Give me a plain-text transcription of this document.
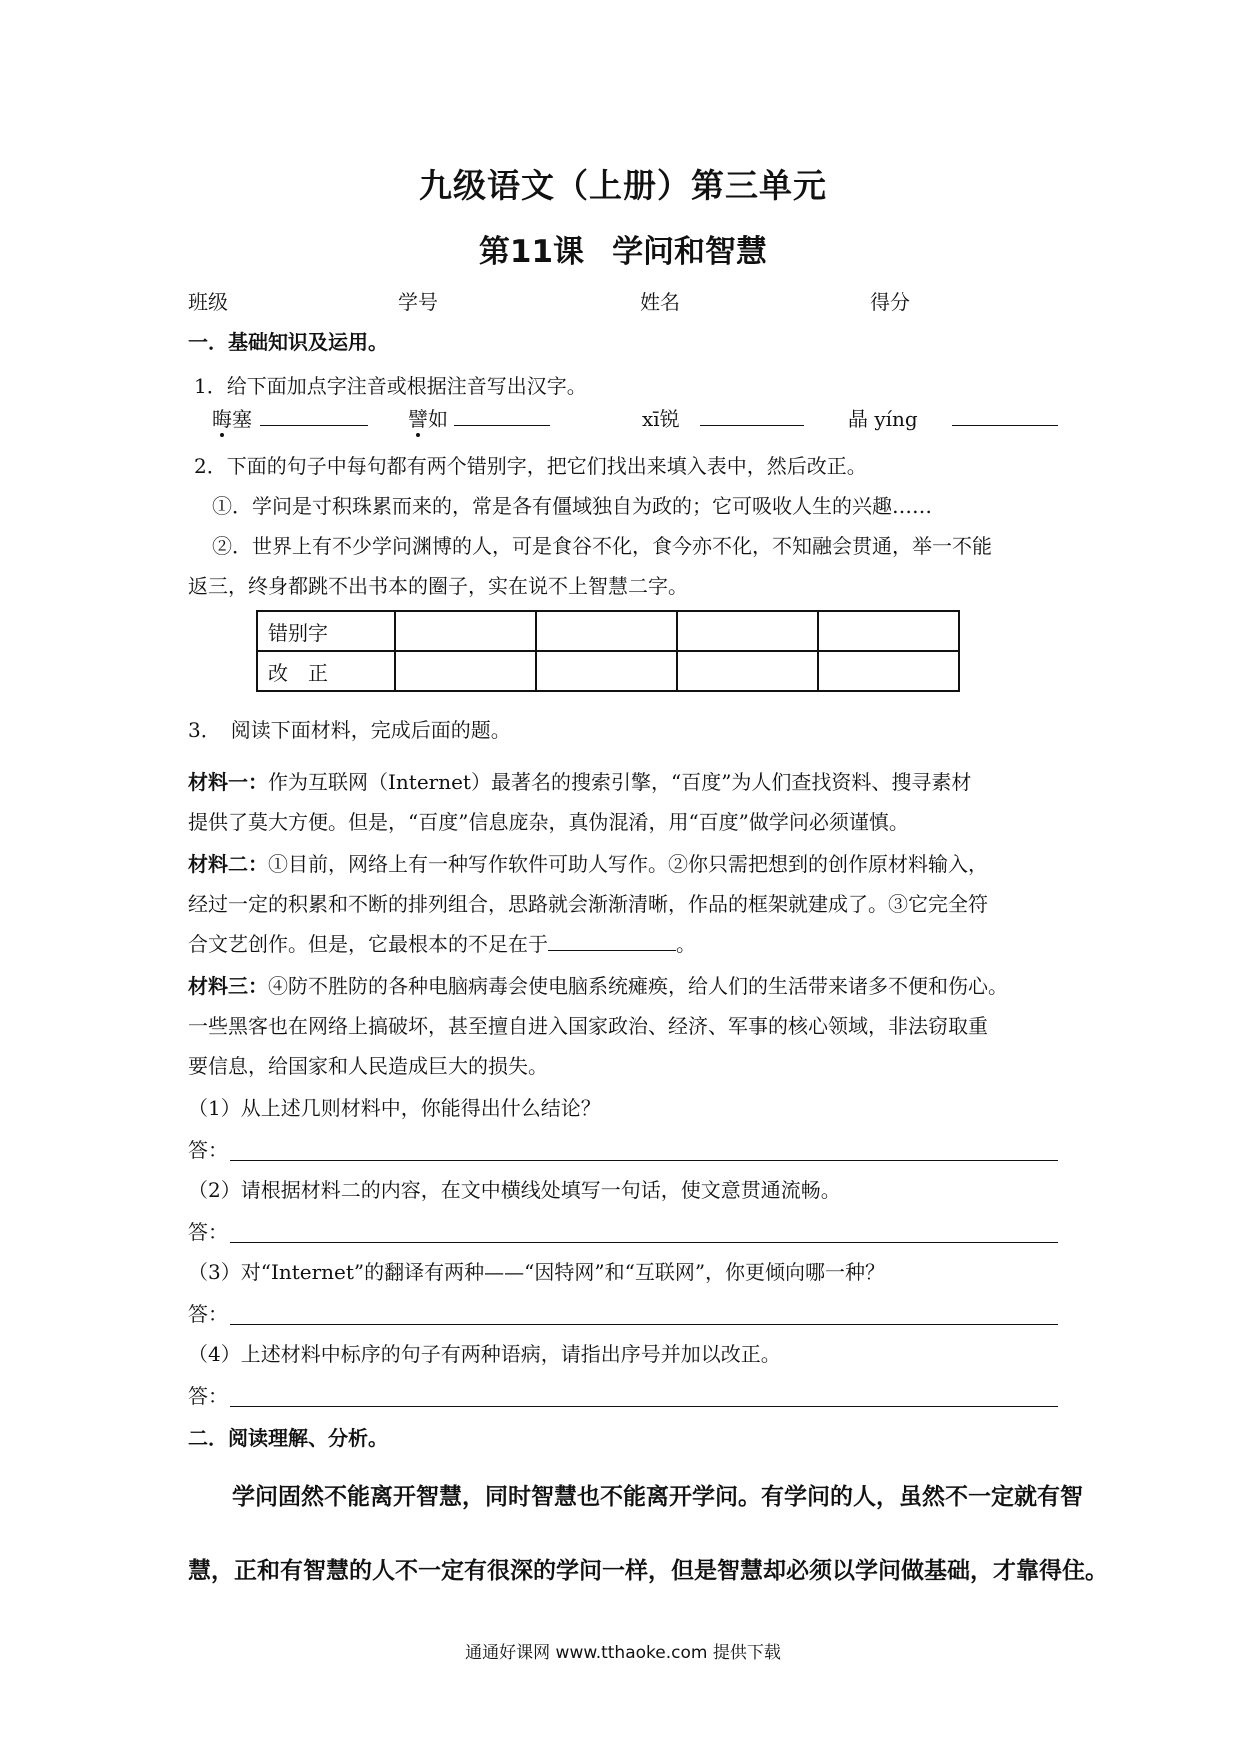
九级语文（上册）第三单元
第11课 学问和智慧
班级	学号	姓名	得分
一．基础知识及运用。
1．给下面加点字注音或根据注音写出汉字。
晦塞	譬如	xī锐	晶 yíng
2．下面的句子中每句都有两个错别字，把它们找出来填入表中，然后改正。
①．学问是寸积珠累而来的，常是各有僵域独自为政的；它可吸收人生的兴趣……
②．世界上有不少学问渊博的人，可是食谷不化，食今亦不化，不知融会贯通，举一不能
返三，终身都跳不出书本的圈子，实在说不上智慧二字。
错别字				
改　正				
3．　阅读下面材料，完成后面的题。
材料一：作为互联网（Internet）最著名的搜索引擎，“百度”为人们查找资料、搜寻素材
提供了莫大方便。但是，“百度”信息庞杂，真伪混淆，用“百度”做学问必须谨慎。
材料二：①目前，网络上有一种写作软件可助人写作。②你只需把想到的创作原材料输入，
经过一定的积累和不断的排列组合，思路就会渐渐清晰，作品的框架就建成了。③它完全符
合文艺创作。但是，它最根本的不足在于	。
材料三：④防不胜防的各种电脑病毒会使电脑系统瘫痪，给人们的生活带来诸多不便和伤心。
一些黑客也在网络上搞破坏，甚至擅自进入国家政治、经济、军事的核心领域，非法窃取重
要信息，给国家和人民造成巨大的损失。
（1）从上述几则材料中，你能得出什么结论？
答：
（2）请根据材料二的内容，在文中横线处填写一句话，使文意贯通流畅。
答：
（3）对“Internet”的翻译有两种——“因特网”和“互联网”，你更倾向哪一种？
答：
（4）上述材料中标序的句子有两种语病，请指出序号并加以改正。
答：
二．阅读理解、分析。
学问固然不能离开智慧，同时智慧也不能离开学问。有学问的人，虽然不一定就有智
慧，正和有智慧的人不一定有很深的学问一样，但是智慧却必须以学问做基础，才靠得住。
通通好课网 www.tthaoke.com 提供下载
